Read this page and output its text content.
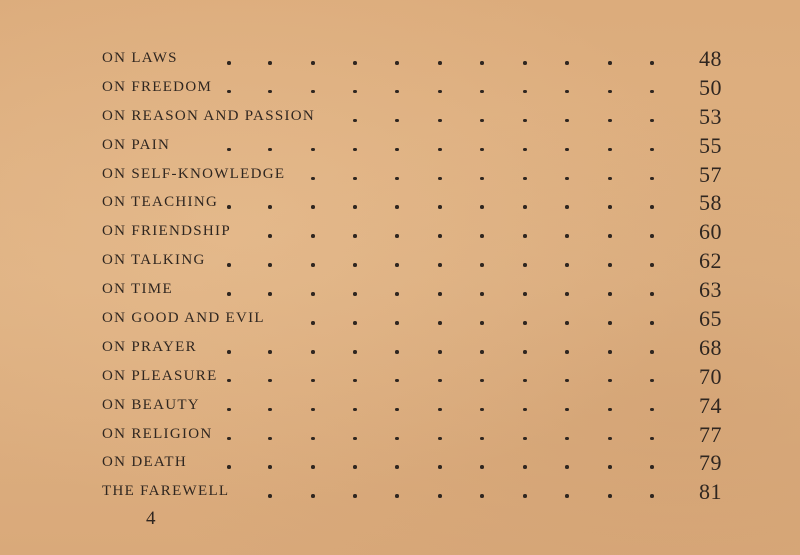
ON LAWS	48
ON FREEDOM	50
ON REASON AND PASSION	53
ON PAIN	55
ON SELF-KNOWLEDGE	57
ON TEACHING	58
ON FRIENDSHIP	60
ON TALKING	62
ON TIME	63
ON GOOD AND EVIL	65
ON PRAYER	68
ON PLEASURE	70
ON BEAUTY	74
ON RELIGION	77
ON DEATH	79
THE FAREWELL	81
4
